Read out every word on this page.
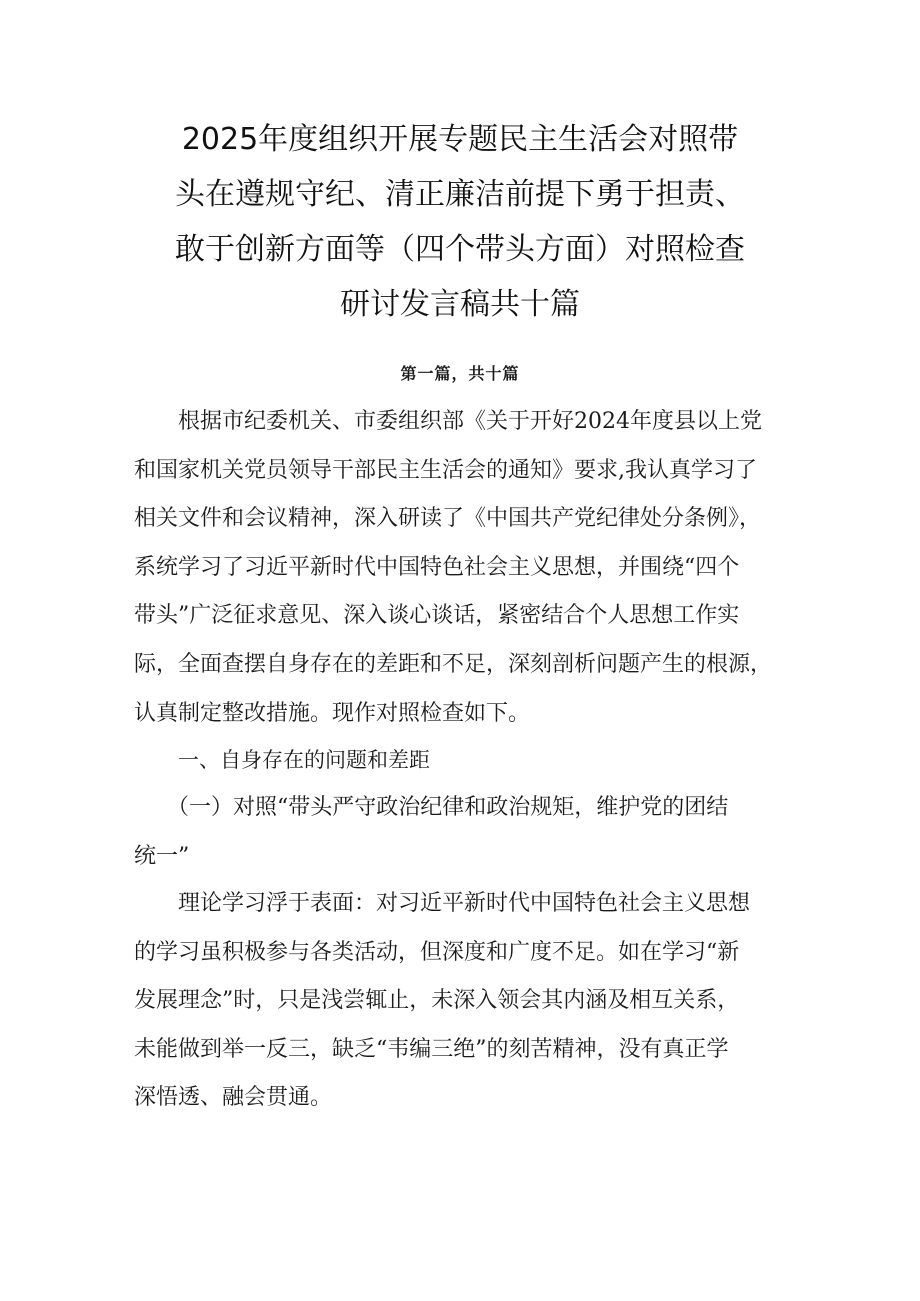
2025年度组织开展专题民主生活会对照带
头在遵规守纪、清正廉洁前提下勇于担责、
敢于创新方面等（四个带头方面）对照检查
研讨发言稿共十篇
第一篇，共十篇

　　根据市纪委机关、市委组织部《关于开好2024年度县以上党
和国家机关党员领导干部民主生活会的通知》要求,我认真学习了
相关文件和会议精神，深入研读了《中国共产党纪律处分条例》，
系统学习了习近平新时代中国特色社会主义思想，并围绕“四个
带头”广泛征求意见、深入谈心谈话，紧密结合个人思想工作实
际，全面查摆自身存在的差距和不足，深刻剖析问题产生的根源，
认真制定整改措施。现作对照检查如下。

一、自身存在的问题和差距

　　（一）对照“带头严守政治纪律和政治规矩，维护党的团结
统一”

　　理论学习浮于表面：对习近平新时代中国特色社会主义思想
的学习虽积极参与各类活动，但深度和广度不足。如在学习“新
发展理念”时，只是浅尝辄止，未深入领会其内涵及相互关系，
未能做到举一反三，缺乏“韦编三绝”的刻苦精神，没有真正学
深悟透、融会贯通。
